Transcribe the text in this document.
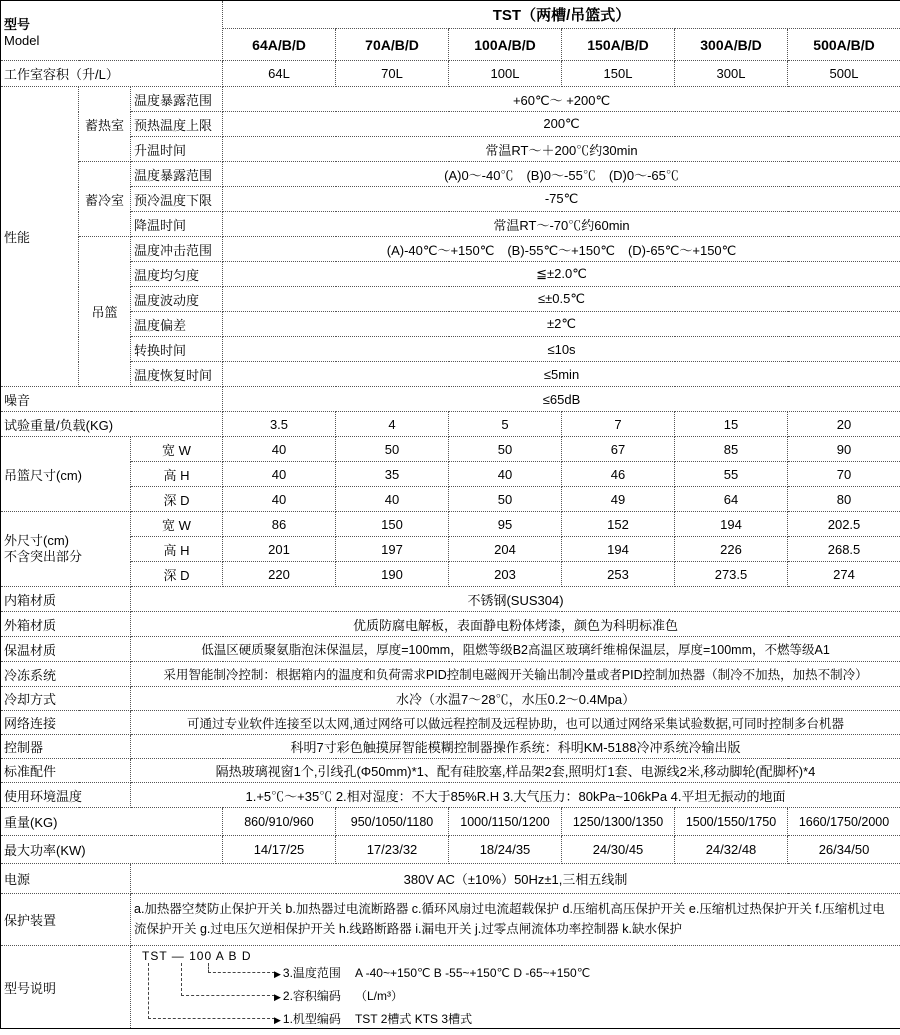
型号
Model			TST（两槽/吊篮式）					
			64A/B/D	70A/B/D	100A/B/D	150A/B/D	300A/B/D	500A/B/D
工作室容积（升/L）			64L	70L	100L	150L	300L	500L
性能	蓄热室	温度暴露范围	+60℃～ +200℃					
		预热温度上限	200℃					
		升温时间	常温RT～＋200℃约30min					
	蓄冷室	温度暴露范围	(A)0～-40℃　(B)0～-55℃　(D)0～-65℃					
		预冷温度下限	-75℃					
		降温时间	常温RT～-70℃约60min					
	吊篮	温度冲击范围	(A)-40℃～+150℃　(B)-55℃～+150℃　(D)-65℃～+150℃					
		温度均匀度	≦±2.0℃					
		温度波动度	≤±0.5℃					
		温度偏差	±2℃					
		转换时间	≤10s					
		温度恢复时间	≤5min					
噪音			≤65dB					
试验重量/负载(KG)			3.5	4	5	7	15	20
吊篮尺寸(cm)		宽 W	40	50	50	67	85	90
		高 H	40	35	40	46	55	70
		深 D	40	40	50	49	64	80

外尺寸(cm)
不含突出部分		宽 W	86	150	95	152	194	202.5
		高 H	201	197	204	194	226	268.5
		深 D	220	190	203	253	273.5	274
内箱材质		不锈钢(SUS304)						
外箱材质		优质防腐电解板，表面静电粉体烤漆，颜色为科明标准色						
保温材质		低温区硬质聚氨脂泡沫保温层，厚度=100mm，阻燃等级B2高温区玻璃纤维棉保温层，厚度=100mm，不燃等级A1						
冷冻系统		采用智能制冷控制：根据箱内的温度和负荷需求PID控制电磁阀开关输出制冷量或者PID控制加热器（制冷不加热，加热不制冷）						
冷却方式		水冷（水温7～28℃，水压0.2～0.4Mpa）						
网络连接		可通过专业软件连接至以太网,通过网络可以做远程控制及远程协助，也可以通过网络采集试验数据,可同时控制多台机器						
控制器		科明7寸彩色触摸屏智能模糊控制器操作系统：科明KM-5188冷冲系统冷输出版						
标准配件		隔热玻璃视窗1个,引线孔(Φ50mm)*1、配有硅胶塞,样品架2套,照明灯1套、电源线2米,移动脚轮(配脚杯)*4						
使用环境温度		1.+5℃～+35℃ 2.相对湿度：不大于85%R.H 3.大气压力：80kPa~106kPa 4.平坦无振动的地面						
重量(KG)			860/910/960	950/1050/1180	1000/1150/1200	1250/1300/1350	1500/1550/1750	1660/1750/2000
最大功率(KW)			14/17/25	17/23/32	18/24/35	24/30/45	24/32/48	26/34/50
电源		380V AC（±10%）50Hz±1,三相五线制						
保护装置		a.加热器空焚防止保护开关 b.加热器过电流断路器 c.循环风扇过电流超载保护 d.压缩机高压保护开关 e.压缩机过热保护开关 f.压缩机过电流保护开关 g.过电压欠逆相保护开关 h.线路断路器 i.漏电开关 j.过零点闸流体功率控制器 k.缺水保护						
型号说明		TST — 100 A B D
▶ 3.温度范围 A -40~+150℃ B -55~+150℃ D -65~+150℃
▶ 2.容积编码 （L/m³）
▶ 1.机型编码 TST 2槽式 KTS 3槽式						
